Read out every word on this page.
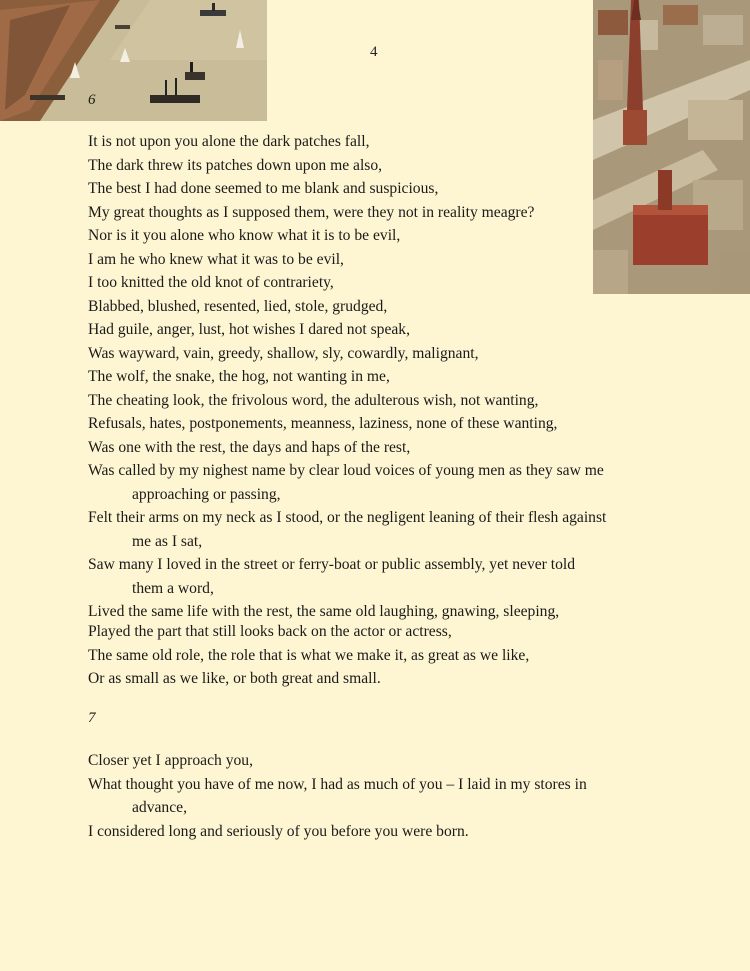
4
6
It is not upon you alone the dark patches fall,
The dark threw its patches down upon me also,
The best I had done seemed to me blank and suspicious,
My great thoughts as I supposed them, were they not in reality meagre?
Nor is it you alone who know what it is to be evil,
I am he who knew what it was to be evil,
I too knitted the old knot of contrariety,
Blabbed, blushed, resented, lied, stole, grudged,
Had guile, anger, lust, hot wishes I dared not speak,
Was wayward, vain, greedy, shallow, sly, cowardly, malignant,
The wolf, the snake, the hog, not wanting in me,
The cheating look, the frivolous word, the adulterous wish, not wanting,
Refusals, hates, postponements, meanness, laziness, none of these wanting,
Was one with the rest, the days and haps of the rest,
Was called by my nighest name by clear loud voices of young men as they saw me
approaching or passing,
Felt their arms on my neck as I stood, or the negligent leaning of their flesh against
me as I sat,
Saw many I loved in the street or ferry-boat or public assembly, yet never told
them a word,
Lived the same life with the rest, the same old laughing, gnawing, sleeping,
Played the part that still looks back on the actor or actress,
The same old role, the role that is what we make it, as great as we like,
Or as small as we like, or both great and small.
7
Closer yet I approach you,
What thought you have of me now, I had as much of you – I laid in my stores in
advance,
I considered long and seriously of you before you were born.
